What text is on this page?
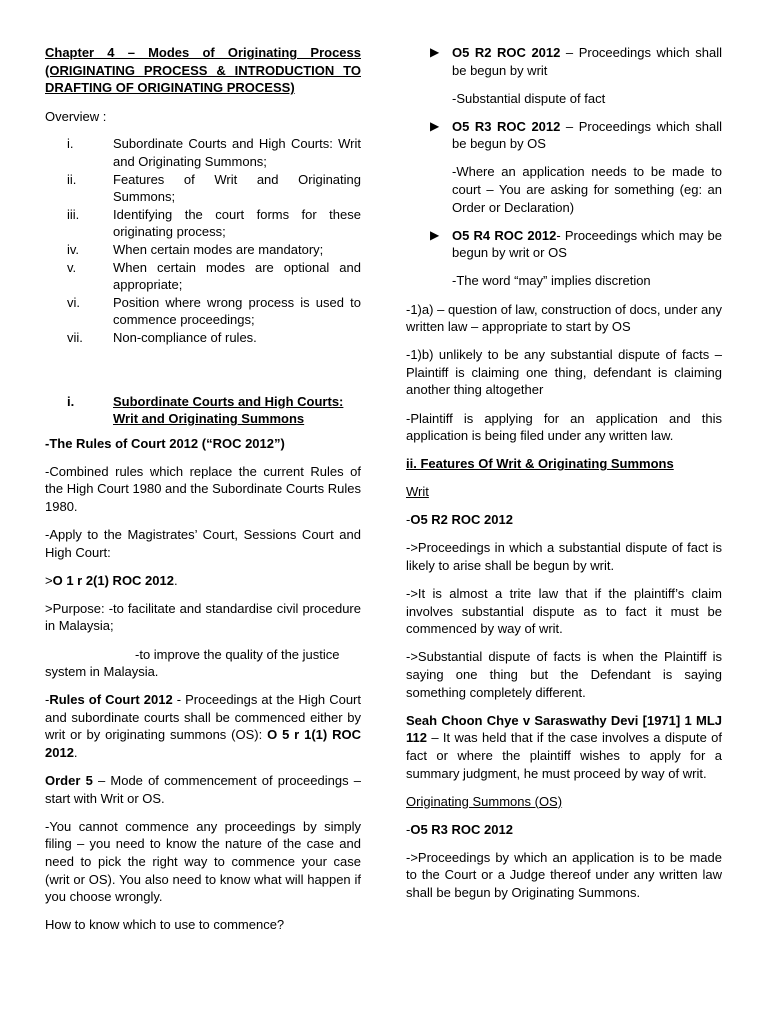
Chapter 4 – Modes of Originating Process (ORIGINATING PROCESS & INTRODUCTION TO DRAFTING OF ORIGINATING PROCESS)

Overview :

i.	Subordinate Courts and High Courts: Writ and Originating Summons;
ii.	Features of Writ and Originating Summons;
iii.	Identifying the court forms for these originating process;
iv.	When certain modes are mandatory;
v.	When certain modes are optional and appropriate;
vi.	Position where wrong process is used to commence proceedings;
vii.	Non-compliance of rules.
i.	Subordinate Courts and High Courts: Writ and Originating Summons

-The Rules of Court 2012 (“ROC 2012”)

-Combined rules which replace the current Rules of the High Court 1980 and the Subordinate Courts Rules 1980.

-Apply to the Magistrates’ Court, Sessions Court and High Court:

>O 1 r 2(1) ROC 2012.

>Purpose: -to facilitate and standardise civil procedure in Malaysia;

-to improve the quality of the justice
system in Malaysia.

-Rules of Court 2012 - Proceedings at the High Court and subordinate courts shall be commenced either by writ or by originating summons (OS): O 5 r 1(1) ROC 2012.

Order 5 – Mode of commencement of proceedings – start with Writ or OS.

-You cannot commence any proceedings by simply filing – you need to know the nature of the case and need to pick the right way to commence your case (writ or OS). You also need to know what will happen if you choose wrongly.

How to know which to use to commence?

▶ O5 R2 ROC 2012 – Proceedings which shall be begun by writ

-Substantial dispute of fact

▶ O5 R3 ROC 2012 – Proceedings which shall be begun by OS

-Where an application needs to be made to court – You are asking for something (eg: an Order or Declaration)

▶ O5 R4 ROC 2012- Proceedings which may be begun by writ or OS

-The word “may” implies discretion

-1)a) – question of law, construction of docs, under any written law – appropriate to start by OS

-1)b) unlikely to be any substantial dispute of facts – Plaintiff is claiming one thing, defendant is claiming another thing altogether

-Plaintiff is applying for an application and this application is being filed under any written law.

ii. Features Of Writ & Originating Summons

Writ

-O5 R2 ROC 2012

->Proceedings in which a substantial dispute of fact is likely to arise shall be begun by writ.

->It is almost a trite law that if the plaintiff’s claim involves substantial dispute as to fact it must be commenced by way of writ.

->Substantial dispute of facts is when the Plaintiff is saying one thing but the Defendant is saying something completely different.

Seah Choon Chye v Saraswathy Devi [1971] 1 MLJ 112 – It was held that if the case involves a dispute of fact or where the plaintiff wishes to apply for a summary judgment, he must proceed by way of writ.

Originating Summons (OS)

-O5 R3 ROC 2012

->Proceedings by which an application is to be made to the Court or a Judge thereof under any written law shall be begun by Originating Summons.
